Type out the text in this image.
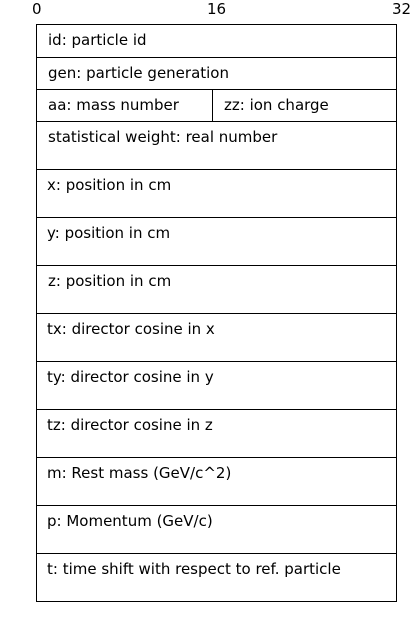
0	16	32
id: particle id
gen: particle generation
aa: mass number	zz: ion charge
statistical weight: real number
x: position in cm
y: position in cm
z: position in cm
tx: director cosine in x
ty: director cosine in y
tz: director cosine in z
m: Rest mass (GeV/c^2)
p: Momentum (GeV/c)
t: time shift with respect to ref. particle
